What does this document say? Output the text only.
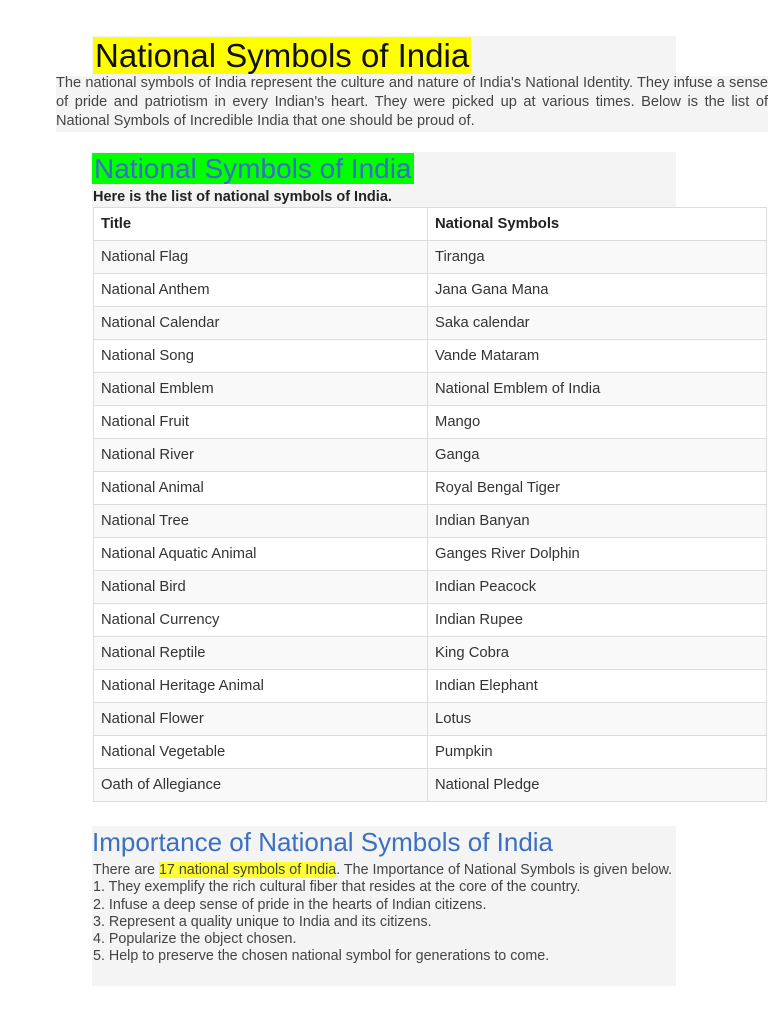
National Symbols of India

The national symbols of India represent the culture and nature of India's National Identity. They infuse a sense of pride and patriotism in every Indian's heart. They were picked up at various times. Below is the list of National Symbols of Incredible India that one should be proud of.

National Symbols of India

Here is the list of national symbols of India.

Title	National Symbols
National Flag	Tiranga
National Anthem	Jana Gana Mana
National Calendar	Saka calendar
National Song	Vande Mataram
National Emblem	National Emblem of India
National Fruit	Mango
National River	Ganga
National Animal	Royal Bengal Tiger
National Tree	Indian Banyan
National Aquatic Animal	Ganges River Dolphin
National Bird	Indian Peacock
National Currency	Indian Rupee
National Reptile	King Cobra
National Heritage Animal	Indian Elephant
National Flower	Lotus
National Vegetable	Pumpkin
Oath of Allegiance	National Pledge
Importance of National Symbols of India

There are 17 national symbols of India. The Importance of National Symbols is given below.

1. They exemplify the rich cultural fiber that resides at the core of the country.
2. Infuse a deep sense of pride in the hearts of Indian citizens.
3. Represent a quality unique to India and its citizens.
4. Popularize the object chosen.
5. Help to preserve the chosen national symbol for generations to come.
